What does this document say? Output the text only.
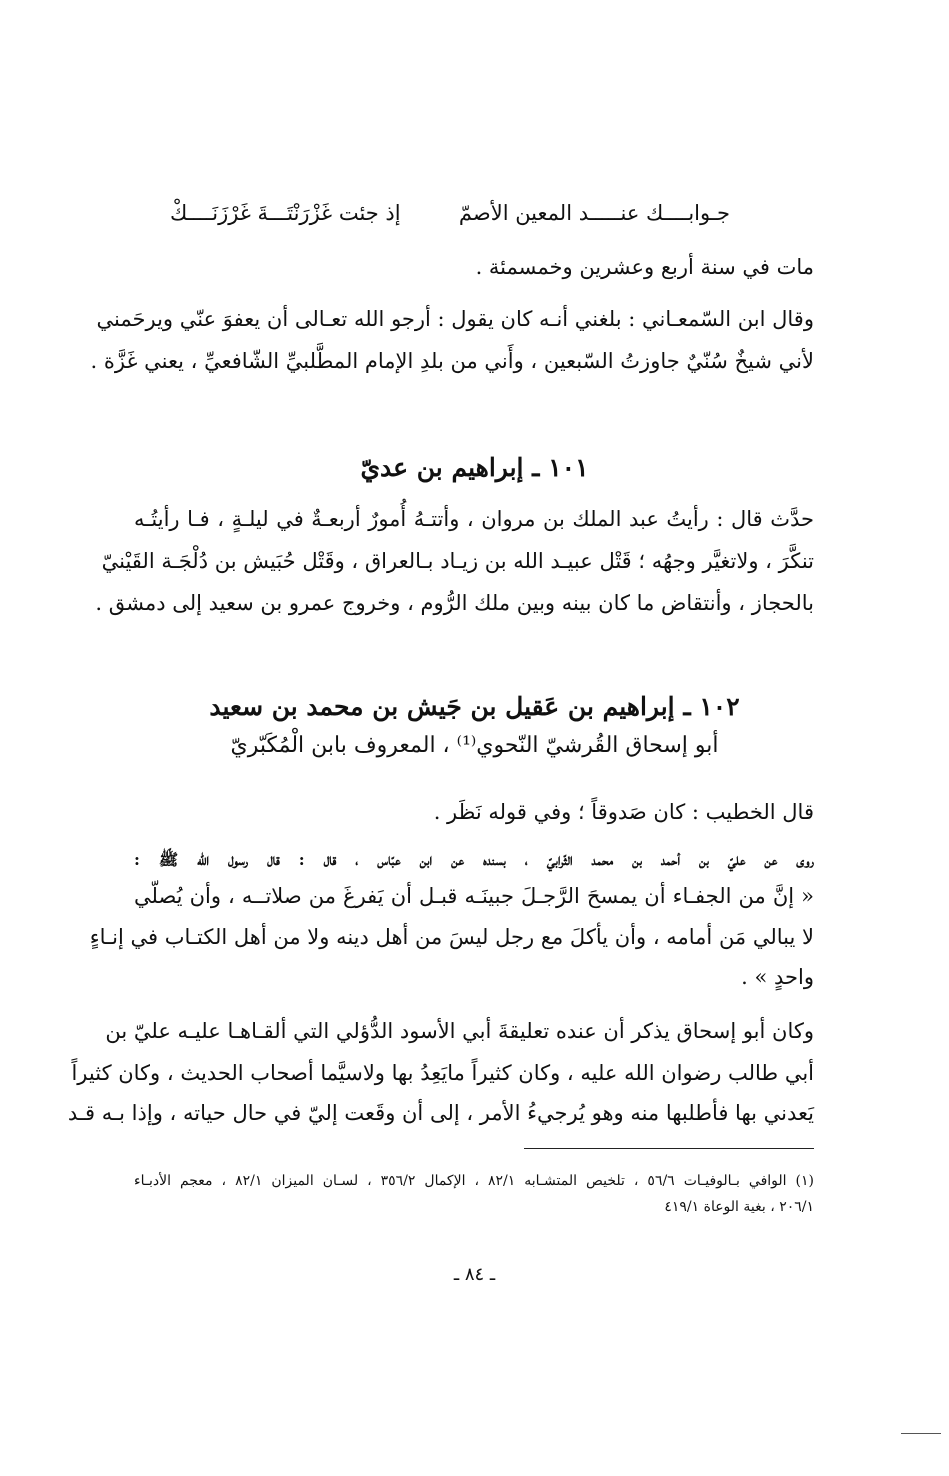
جـوابــــك عنـــــد المعين الأصمّ
إذ جئت غَزْرَنْتَـــةَ غَرْزَنَــــكْ
مات في سنة أربع وعشرين وخمسمئة .
وقال ابن السّمعـاني : بلغني أنـه كان يقول : أرجو الله تعـالى أن يعفوَ عنّي ويرحَمني
لأني شيخٌ سُنّيٌ جاوزتُ السّبعين ، وأَني من بلدِ الإمام المطَّلبيِّ الشّافعيِّ ، يعني غَزَّة .
١٠١ ـ إبراهيم بن عديّ
حدَّث قال : رأيتُ عبد الملك بن مروان ، وأتتـهُ أُمورٌ أربعـةٌ في ليلـةٍ ، فـا رأيتُـه
تنكَّرَ ، ولاتغيَّر وجهُه ؛ قَتْل عبيـد الله بن زيـاد بـالعراق ، وقَتْل حُبَيش بن دُلْجَـة القَيْنيّ
بالحجاز ، وأنتقاض ما كان بينه وبين ملك الرُّوم ، وخروج عمرو بن سعيد إلى دمشق .
١٠٢ ـ إبراهيم بن عَقيل بن جَيش بن محمد بن سعيد
أبو إسحاق القُرشيّ النّحوي⁽¹⁾ ، المعروف بابن الْمُكَبّريّ
قال الخطيب : كان صَدوقاً ؛ وفي قوله نَظَر .
روى عن عليّ بن أحمد بن محمد الثّرابيّ ، بسنده عن ابن عبّاس ، قال : قال رسول الله ﷺ :
« إنَّ من الجفـاء أن يمسحَ الرَّجـلَ جبينَـه قبـل أن يَفرغَ من صلاتــه ، وأن يُصلّي
لا يبالي مَن أمامه ، وأن يأكلَ مع رجل ليسَ من أهل دينه ولا من أهل الكتـاب في إنـاءٍ
واحدٍ » .
وكان أبو إسحاق يذكر أن عنده تعليقةَ أبي الأسود الدُّؤلي التي ألقـاهـا عليـه عليّ بن
أبي طالب رضوان الله عليه ، وكان كثيراً مايَعِدُ بها ولاسيَّما أصحاب الحديث ، وكان كثيراً
يَعدني بها فأطلبها منه وهو يُرجيءُ الأمر ، إلى أن وقَعت إليّ في حال حياته ، وإذا بـه قـد
(١) الوافي بـالوفيـات ٥٦/٦ ، تلخيص المتشـابه ٨٢/١ ، الإكمال ٣٥٦/٢ ، لسـان الميزان ٨٢/١ ، معجم الأدبـاء
٢٠٦/١ ، بغية الوعاة ٤١٩/١
ـ ٨٤ ـ
